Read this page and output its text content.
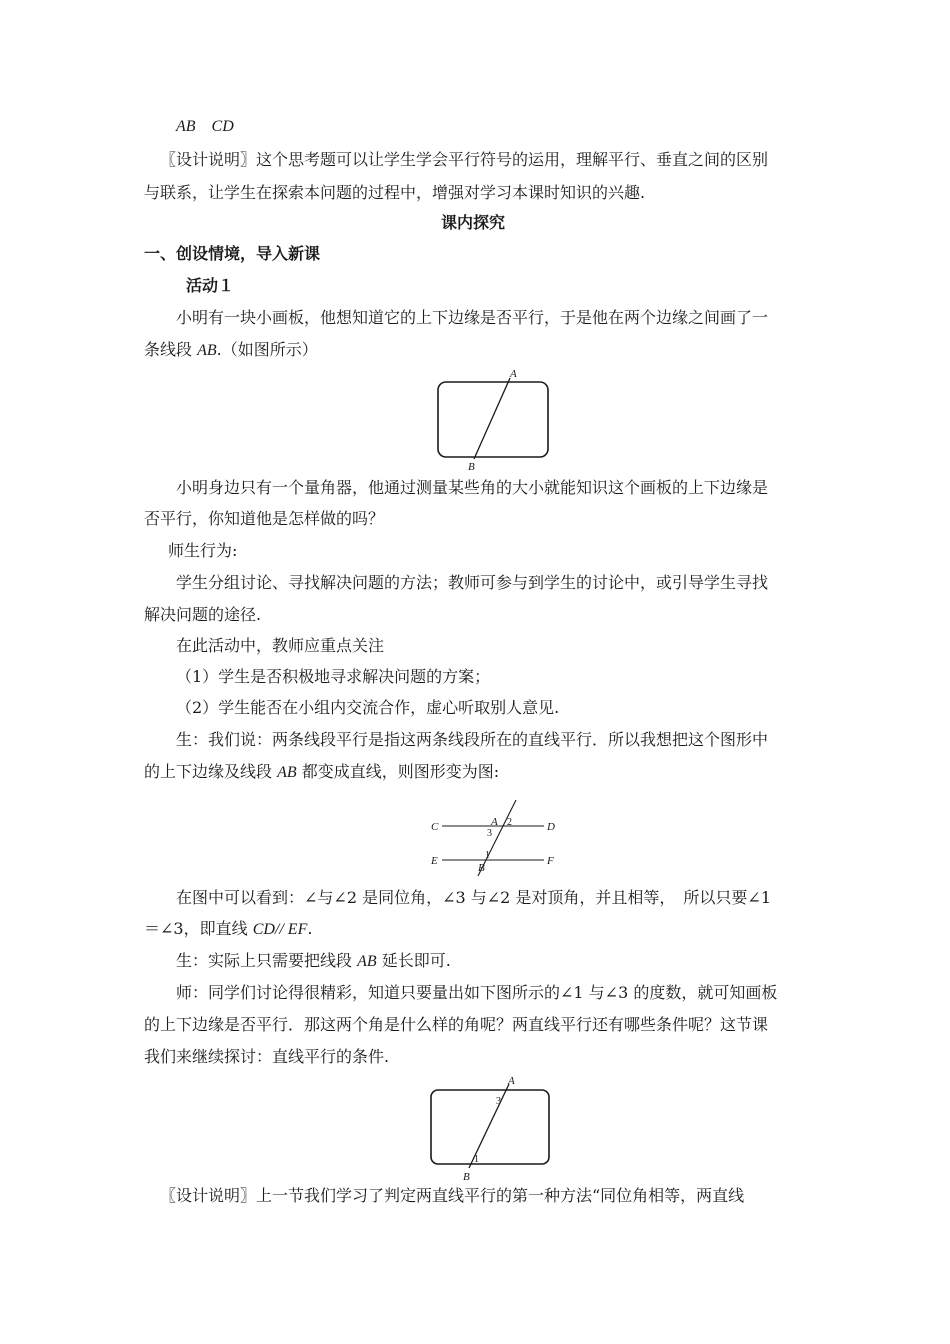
AB　CD
〖设计说明〗这个思考题可以让学生学会平行符号的运用，理解平行、垂直之间的区别
与联系，让学生在探索本问题的过程中，增强对学习本课时知识的兴趣.
课内探究
一、创设情境，导入新课
活动１
小明有一块小画板，他想知道它的上下边缘是否平行，于是他在两个边缘之间画了一
条线段 AB.（如图所示）
A
B
小明身边只有一个量角器，他通过测量某些角的大小就能知识这个画板的上下边缘是
否平行，你知道他是怎样做的吗？
师生行为:
学生分组讨论、寻找解决问题的方法；教师可参与到学生的讨论中，或引导学生寻找
解决问题的途径.
在此活动中，教师应重点关注
（1）学生是否积极地寻求解决问题的方案；
（2）学生能否在小组内交流合作，虚心听取别人意见.
生：我们说：两条线段平行是指这两条线段所在的直线平行．所以我想把这个图形中
的上下边缘及线段 AB 都变成直线，则图形变为图:
C	D
E	F
A
B
2
3
1
在图中可以看到：∠与∠2 是同位角，∠3 与∠2 是对顶角，并且相等，　所以只要∠1
＝∠3，即直线 CD// EF.
生：实际上只需要把线段 AB 延长即可.
师：同学们讨论得很精彩，知道只要量出如下图所示的∠1 与∠3 的度数，就可知画板
的上下边缘是否平行．那这两个角是什么样的角呢？两直线平行还有哪些条件呢？这节课
我们来继续探讨：直线平行的条件.
A
B
3
1
〖设计说明〗上一节我们学习了判定两直线平行的第一种方法“同位角相等，两直线
